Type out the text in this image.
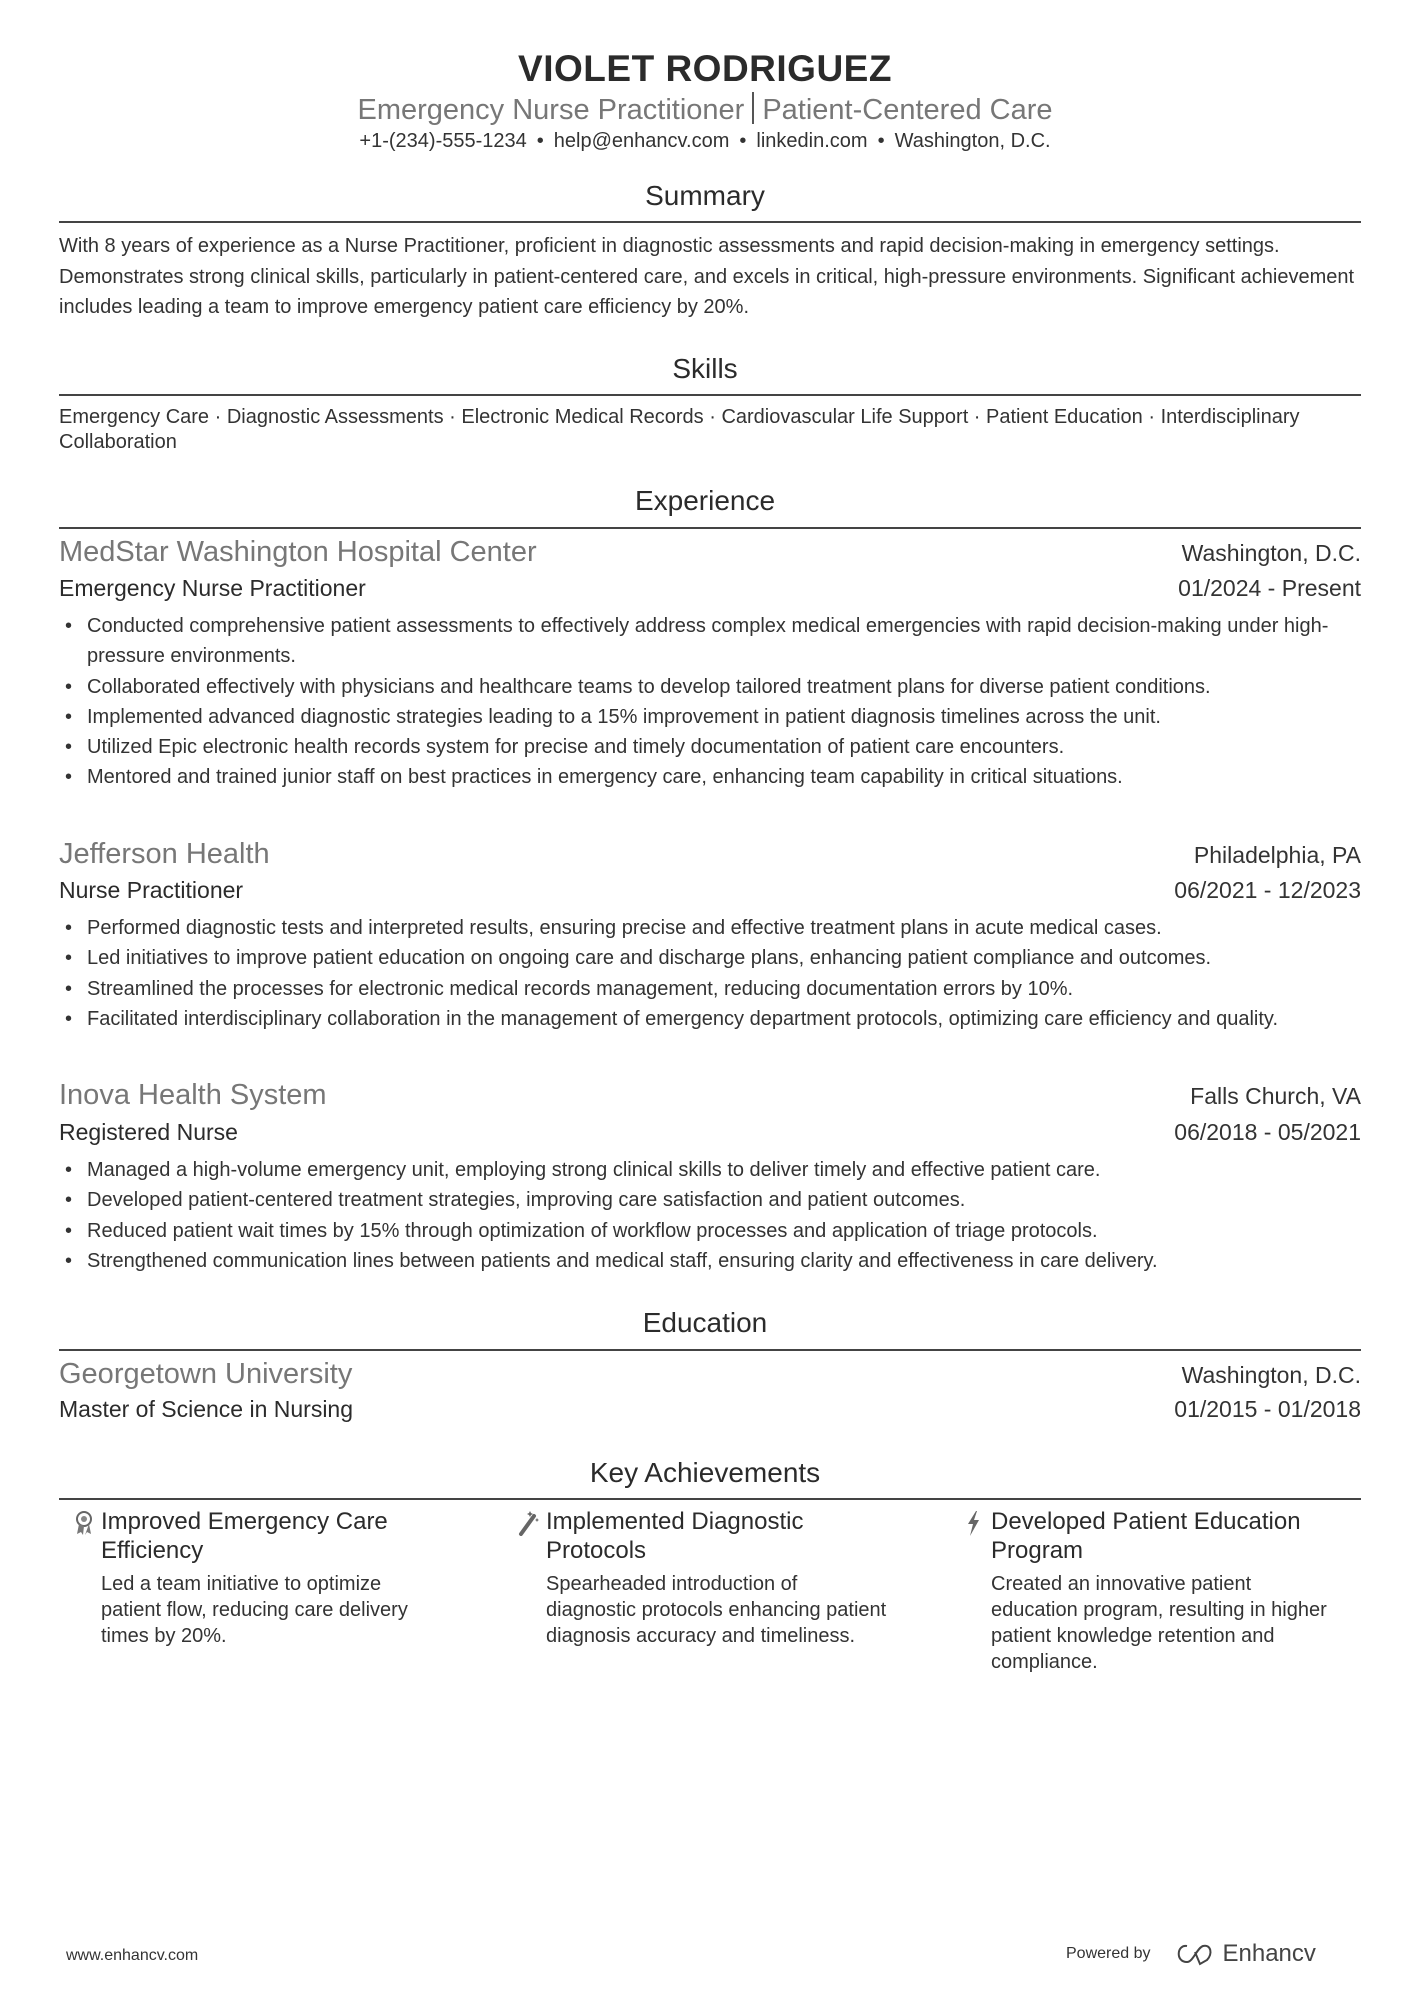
VIOLET RODRIGUEZ
Emergency Nurse Practitioner Patient-Centered Care
+1-(234)-555-1234 • help@enhancv.com • linkedin.com • Washington, D.C.
Summary
With 8 years of experience as a Nurse Practitioner, proficient in diagnostic assessments and rapid decision-making in emergency settings. Demonstrates strong clinical skills, particularly in patient-centered care, and excels in critical, high-pressure environments. Significant achievement includes leading a team to improve emergency patient care efficiency by 20%.
Skills
Emergency Care · Diagnostic Assessments · Electronic Medical Records · Cardiovascular Life Support · Patient Education · Interdisciplinary Collaboration
Experience
MedStar Washington Hospital Center	Washington, D.C.
Emergency Nurse Practitioner	01/2024 - Present
• Conducted comprehensive patient assessments to effectively address complex medical emergencies with rapid decision-making under high-pressure environments.
• Collaborated effectively with physicians and healthcare teams to develop tailored treatment plans for diverse patient conditions.
• Implemented advanced diagnostic strategies leading to a 15% improvement in patient diagnosis timelines across the unit.
• Utilized Epic electronic health records system for precise and timely documentation of patient care encounters.
• Mentored and trained junior staff on best practices in emergency care, enhancing team capability in critical situations.
Jefferson Health	Philadelphia, PA
Nurse Practitioner	06/2021 - 12/2023
• Performed diagnostic tests and interpreted results, ensuring precise and effective treatment plans in acute medical cases.
• Led initiatives to improve patient education on ongoing care and discharge plans, enhancing patient compliance and outcomes.
• Streamlined the processes for electronic medical records management, reducing documentation errors by 10%.
• Facilitated interdisciplinary collaboration in the management of emergency department protocols, optimizing care efficiency and quality.
Inova Health System	Falls Church, VA
Registered Nurse	06/2018 - 05/2021
• Managed a high-volume emergency unit, employing strong clinical skills to deliver timely and effective patient care.
• Developed patient-centered treatment strategies, improving care satisfaction and patient outcomes.
• Reduced patient wait times by 15% through optimization of workflow processes and application of triage protocols.
• Strengthened communication lines between patients and medical staff, ensuring clarity and effectiveness in care delivery.
Education
Georgetown University	Washington, D.C.
Master of Science in Nursing	01/2015 - 01/2018
Key Achievements
Improved Emergency Care Efficiency
Led a team initiative to optimize patient flow, reducing care delivery times by 20%.
Implemented Diagnostic Protocols
Spearheaded introduction of diagnostic protocols enhancing patient diagnosis accuracy and timeliness.
Developed Patient Education Program
Created an innovative patient education program, resulting in higher patient knowledge retention and compliance.
www.enhancv.com	Powered by	Enhancv
